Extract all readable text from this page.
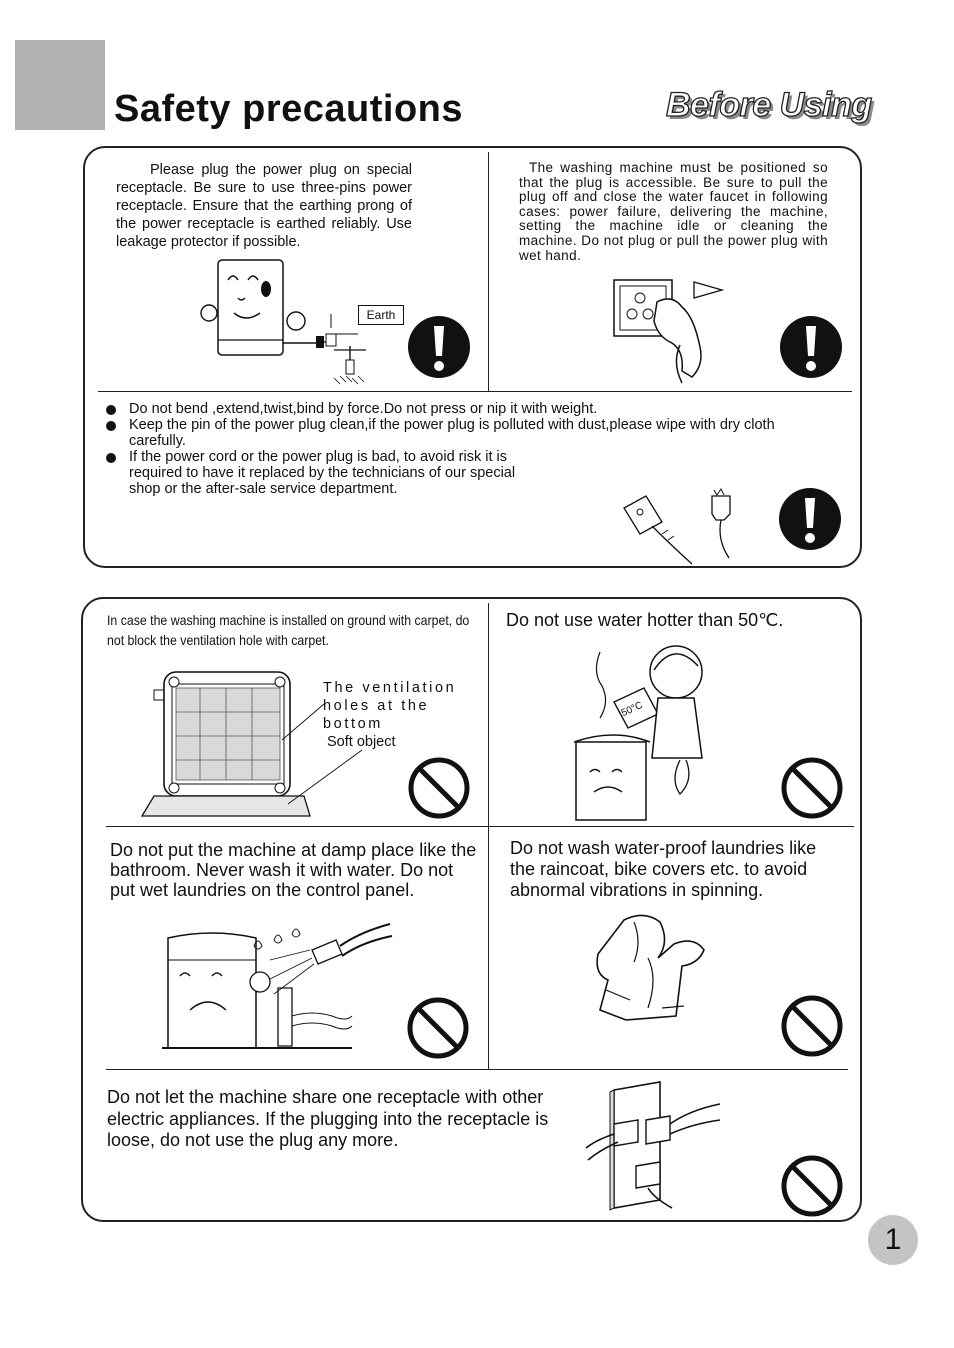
Safety precautions	Before Using
Please plug the power plug on special receptacle. Be sure to use three-pins power receptacle. Ensure that the earthing prong of the power receptacle is earthed reliably. Use leakage protector if possible.
Earth
The washing machine must be positioned so that the plug is accessible. Be sure to pull the plug off and close the water faucet in following cases: power failure, delivering the machine, setting the machine idle or cleaning the machine. Do not plug or pull the power plug with wet hand.
Do not bend ,extend,twist,bind by force.Do not press or nip it with weight.
Keep the pin of the power plug clean,if the power plug is polluted with dust,please wipe with dry cloth carefully.
If the power cord or the power plug is bad, to avoid risk it is required to have it replaced by the technicians of our special shop or the after-sale service department.
In case the washing machine is installed on ground with carpet, do not block the ventilation hole with carpet.
The ventilation holes at the bottom
Soft object
Do not use water hotter than 50℃.
50°C
Do not put the machine at damp place like the bathroom. Never wash it with water. Do not put wet laundries on the control panel.
Do not wash water-proof laundries like the raincoat, bike covers etc. to avoid abnormal vibrations in spinning.
Do not let the machine share one receptacle with other electric appliances. If the plugging into the receptacle is loose, do not use the plug any more.
1
